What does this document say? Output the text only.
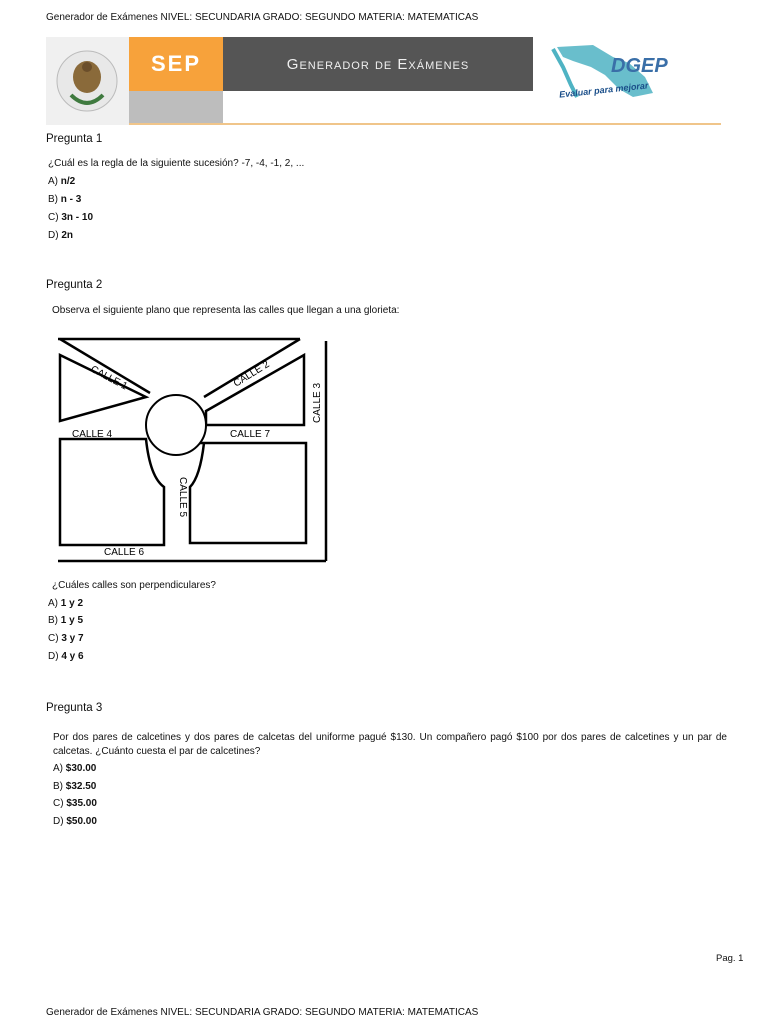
Generador de Exámenes NIVEL: SECUNDARIA GRADO: SEGUNDO MATERIA: MATEMATICAS
SEP	Generador de Exámenes	DGEP
Evaluar para mejorar
Pregunta 1
¿Cuál es la regla de la siguiente sucesión? -7, -4, -1, 2, ...
A) n/2
B) n - 3
C) 3n - 10
D) 2n
Pregunta 2
Observa el siguiente plano que representa las calles que llegan a una glorieta:
CALLE 1	CALLE 2
CALLE 3
CALLE 4	CALLE 7
CALLE 5
CALLE 6
¿Cuáles calles son perpendiculares?
A) 1 y 2
B) 1 y 5
C) 3 y 7
D) 4 y 6
Pregunta 3
Por dos pares de calcetines y dos pares de calcetas del uniforme pagué $130. Un compañero pagó $100 por dos pares de calcetines y un par de calcetas. ¿Cuánto cuesta el par de calcetines?
A) $30.00
B) $32.50
C) $35.00
D) $50.00
Pag. 1
Generador de Exámenes NIVEL: SECUNDARIA GRADO: SEGUNDO MATERIA: MATEMATICAS
